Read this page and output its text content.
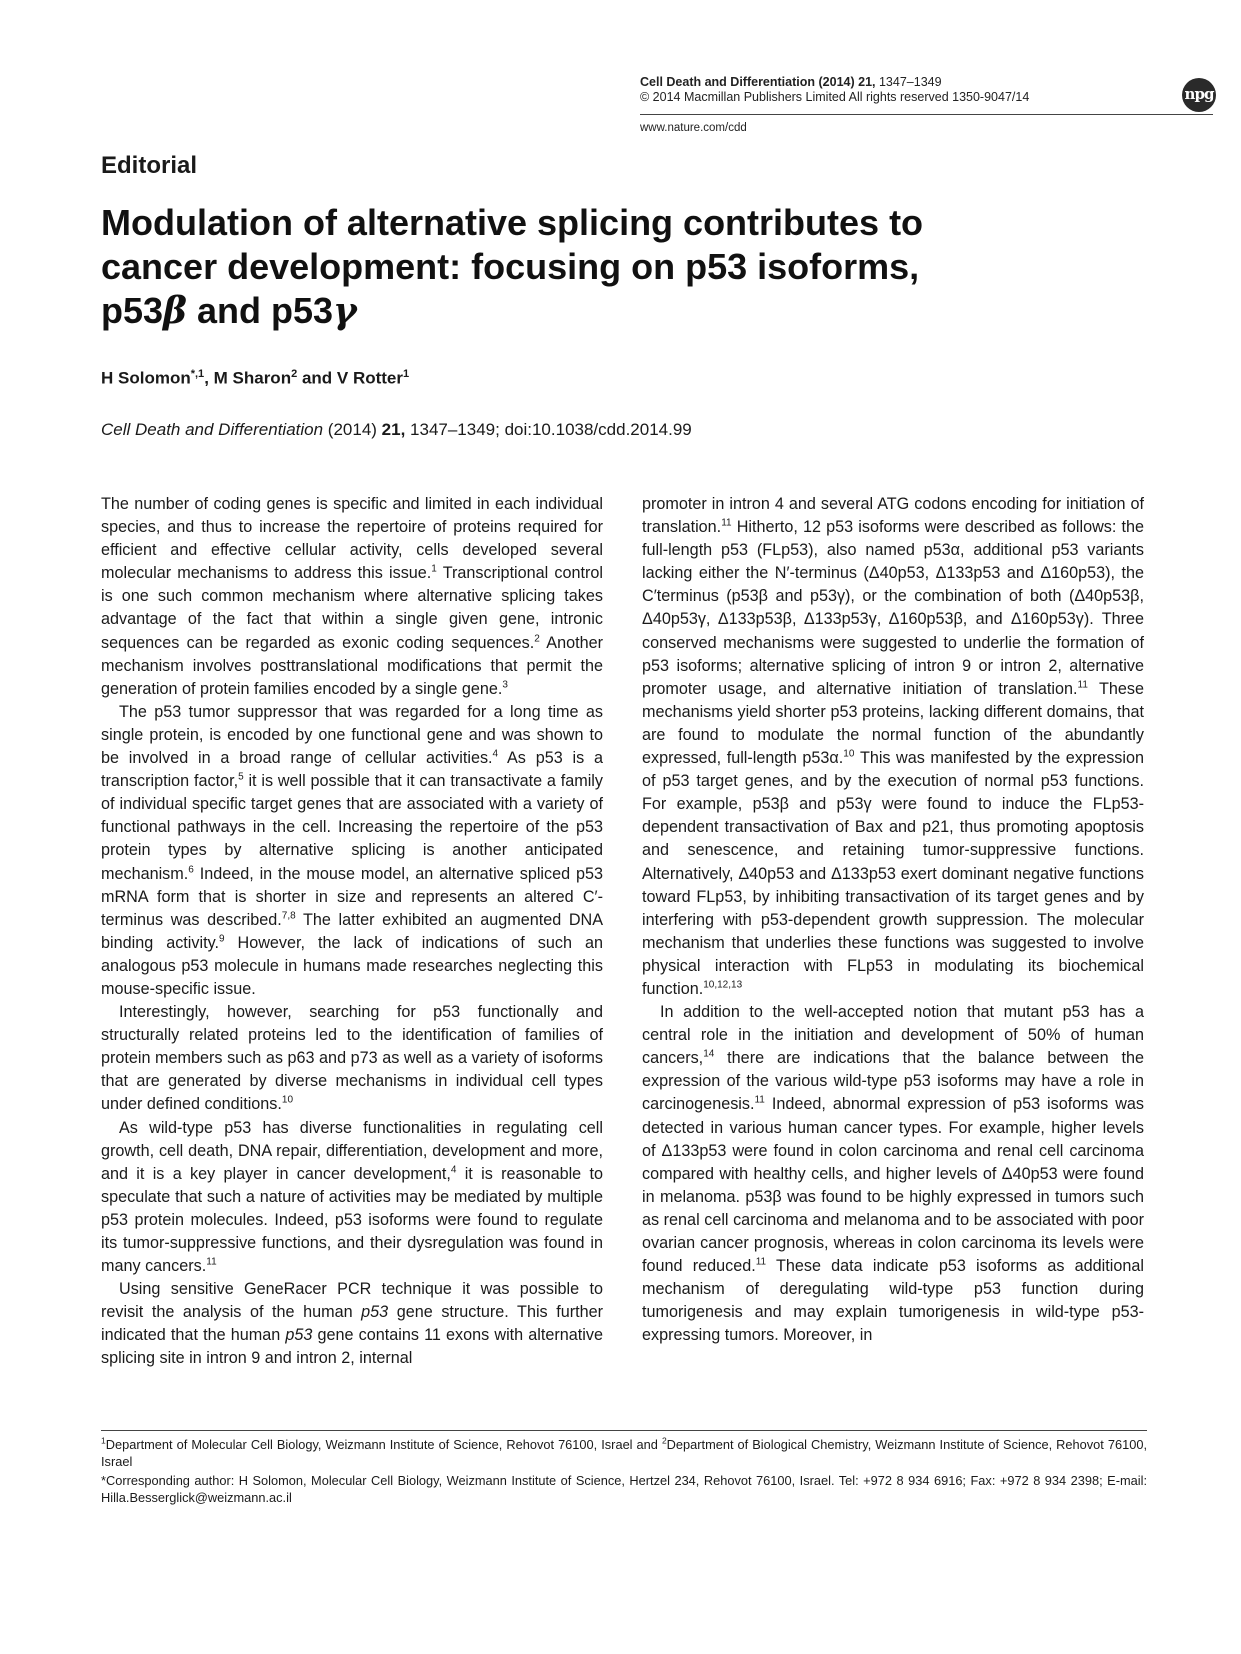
Cell Death and Differentiation (2014) 21, 1347–1349
© 2014 Macmillan Publishers Limited All rights reserved 1350-9047/14
www.nature.com/cdd
npg
Editorial
Modulation of alternative splicing contributes to
cancer development: focusing on p53 isoforms,
p53β and p53γ
H Solomon$^{*,1}$, M Sharon$^2$ and V Rotter$^1$
Cell Death and Differentiation (2014) 21, 1347–1349; doi:10.1038/cdd.2014.99

The number of coding genes is specific and limited in each individual species, and thus to increase the repertoire of proteins required for efficient and effective cellular activity, cells developed several molecular mechanisms to address this issue.$^1$ Transcriptional control is one such common mechanism where alternative splicing takes advantage of the fact that within a single given gene, intronic sequences can be regarded as exonic coding sequences.$^2$ Another mechanism involves posttranslational modifications that permit the generation of protein families encoded by a single gene.$^3$

The p53 tumor suppressor that was regarded for a long time as single protein, is encoded by one functional gene and was shown to be involved in a broad range of cellular activities.$^4$ As p53 is a transcription factor,$^5$ it is well possible that it can transactivate a family of individual specific target genes that are associated with a variety of functional pathways in the cell. Increasing the repertoire of the p53 protein types by alternative splicing is another anticipated mechanism.$^6$ Indeed, in the mouse model, an alternative spliced p53 mRNA form that is shorter in size and represents an altered C′-terminus was described.$^{7,8}$ The latter exhibited an augmented DNA binding activity.$^9$ However, the lack of indications of such an analogous p53 molecule in humans made researches neglecting this mouse-specific issue.

Interestingly, however, searching for p53 functionally and structurally related proteins led to the identification of families of protein members such as p63 and p73 as well as a variety of isoforms that are generated by diverse mechanisms in individual cell types under defined conditions.$^{10}$

As wild-type p53 has diverse functionalities in regulating cell growth, cell death, DNA repair, differentiation, development and more, and it is a key player in cancer development,$^4$ it is reasonable to speculate that such a nature of activities may be mediated by multiple p53 protein molecules. Indeed, p53 isoforms were found to regulate its tumor-suppressive functions, and their dysregulation was found in many cancers.$^{11}$

Using sensitive GeneRacer PCR technique it was possible to revisit the analysis of the human p53 gene structure. This further indicated that the human p53 gene contains 11 exons with alternative splicing site in intron 9 and intron 2, internal

promoter in intron 4 and several ATG codons encoding for initiation of translation.$^{11}$ Hitherto, 12 p53 isoforms were described as follows: the full-length p53 (FLp53), also named p53α, additional p53 variants lacking either the N′-terminus (Δ40p53, Δ133p53 and Δ160p53), the C′terminus (p53β and p53γ), or the combination of both (Δ40p53β, Δ40p53γ, Δ133p53β, Δ133p53γ, Δ160p53β, and Δ160p53γ). Three conserved mechanisms were suggested to underlie the formation of p53 isoforms; alternative splicing of intron 9 or intron 2, alternative promoter usage, and alternative initiation of translation.$^{11}$ These mechanisms yield shorter p53 proteins, lacking different domains, that are found to modulate the normal function of the abundantly expressed, full-length p53α.$^{10}$ This was manifested by the expression of p53 target genes, and by the execution of normal p53 functions. For example, p53β and p53γ were found to induce the FLp53-dependent transactivation of Bax and p21, thus promoting apoptosis and senescence, and retaining tumor-suppressive functions. Alternatively, Δ40p53 and Δ133p53 exert dominant negative functions toward FLp53, by inhibiting transactivation of its target genes and by interfering with p53-dependent growth suppression. The molecular mechanism that underlies these functions was suggested to involve physical interaction with FLp53 in modulating its biochemical function.$^{10,12,13}$

In addition to the well-accepted notion that mutant p53 has a central role in the initiation and development of 50% of human cancers,$^{14}$ there are indications that the balance between the expression of the various wild-type p53 isoforms may have a role in carcinogenesis.$^{11}$ Indeed, abnormal expression of p53 isoforms was detected in various human cancer types. For example, higher levels of Δ133p53 were found in colon carcinoma and renal cell carcinoma compared with healthy cells, and higher levels of Δ40p53 were found in melanoma. p53β was found to be highly expressed in tumors such as renal cell carcinoma and melanoma and to be associated with poor ovarian cancer prognosis, whereas in colon carcinoma its levels were found reduced.$^{11}$ These data indicate p53 isoforms as additional mechanism of deregulating wild-type p53 function during tumorigenesis and may explain tumorigenesis in wild-type p53-expressing tumors. Moreover, in

$^1$Department of Molecular Cell Biology, Weizmann Institute of Science, Rehovot 76100, Israel and $^2$Department of Biological Chemistry, Weizmann Institute of Science, Rehovot 76100, Israel

*Corresponding author: H Solomon, Molecular Cell Biology, Weizmann Institute of Science, Hertzel 234, Rehovot 76100, Israel. Tel: +972 8 934 6916; Fax: +972 8 934 2398; E-mail: Hilla.Besserglick@weizmann.ac.il
